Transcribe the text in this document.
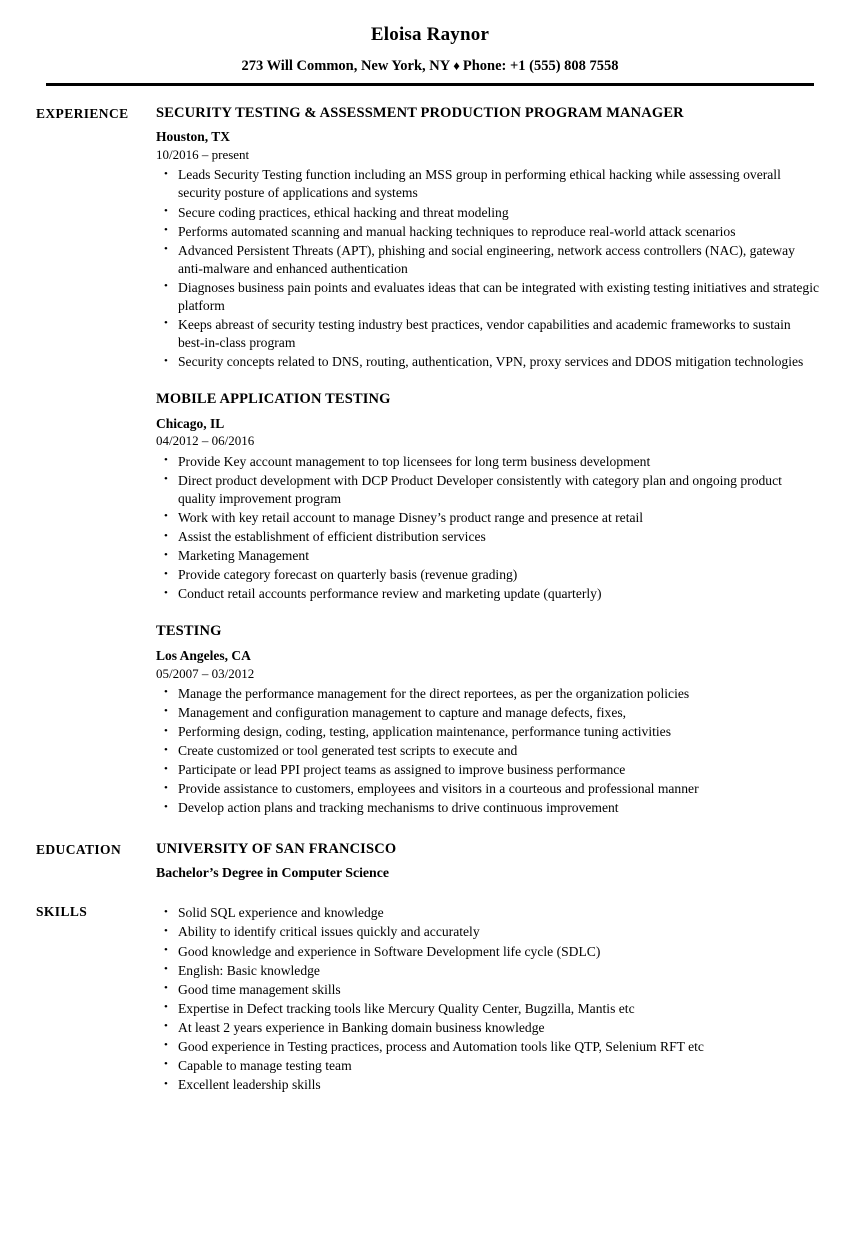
Eloisa Raynor
273 Will Common, New York, NY ♦ Phone: +1 (555) 808 7558
EXPERIENCE	SECURITY TESTING & ASSESSMENT PRODUCTION PROGRAM MANAGER
Houston, TX
10/2016 – present
• Leads Security Testing function including an MSS group in performing ethical hacking while assessing overall security posture of applications and systems
• Secure coding practices, ethical hacking and threat modeling
• Performs automated scanning and manual hacking techniques to reproduce real-world attack scenarios
• Advanced Persistent Threats (APT), phishing and social engineering, network access controllers (NAC), gateway anti-malware and enhanced authentication
• Diagnoses business pain points and evaluates ideas that can be integrated with existing testing initiatives and strategic platform
• Keeps abreast of security testing industry best practices, vendor capabilities and academic frameworks to sustain best-in-class program
• Security concepts related to DNS, routing, authentication, VPN, proxy services and DDOS mitigation technologies
MOBILE APPLICATION TESTING
Chicago, IL
04/2012 – 06/2016
• Provide Key account management to top licensees for long term business development
• Direct product development with DCP Product Developer consistently with category plan and ongoing product quality improvement program
• Work with key retail account to manage Disney’s product range and presence at retail
• Assist the establishment of efficient distribution services
• Marketing Management
• Provide category forecast on quarterly basis (revenue grading)
• Conduct retail accounts performance review and marketing update (quarterly)
TESTING
Los Angeles, CA
05/2007 – 03/2012
• Manage the performance management for the direct reportees, as per the organization policies
• Management and configuration management to capture and manage defects, fixes,
• Performing design, coding, testing, application maintenance, performance tuning activities
• Create customized or tool generated test scripts to execute and
• Participate or lead PPI project teams as assigned to improve business performance
• Provide assistance to customers, employees and visitors in a courteous and professional manner
• Develop action plans and tracking mechanisms to drive continuous improvement
EDUCATION	UNIVERSITY OF SAN FRANCISCO
Bachelor’s Degree in Computer Science
SKILLS	• Solid SQL experience and knowledge
• Ability to identify critical issues quickly and accurately
• Good knowledge and experience in Software Development life cycle (SDLC)
• English: Basic knowledge
• Good time management skills
• Expertise in Defect tracking tools like Mercury Quality Center, Bugzilla, Mantis etc
• At least 2 years experience in Banking domain business knowledge
• Good experience in Testing practices, process and Automation tools like QTP, Selenium RFT etc
• Capable to manage testing team
• Excellent leadership skills
